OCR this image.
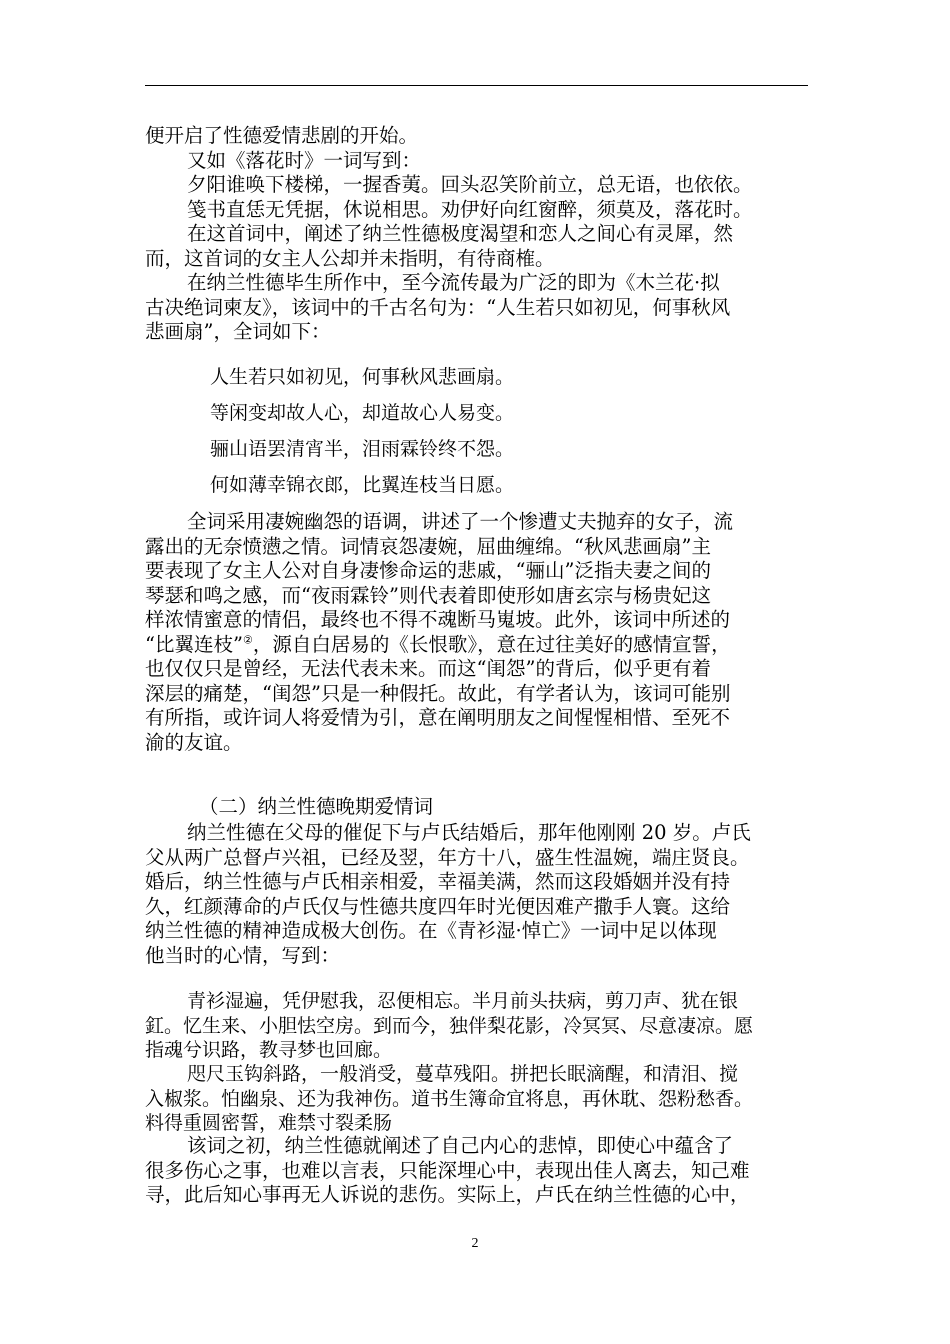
便开启了性德爱情悲剧的开始。
又如《落花时》一词写到：
夕阳谁唤下楼梯，一握香荑。回头忍笑阶前立，总无语，也依依。
笺书直恁无凭据，休说相思。劝伊好向红窗醉，须莫及，落花时。
在这首词中，阐述了纳兰性德极度渴望和恋人之间心有灵犀，然
而，这首词的女主人公却并未指明，有待商榷。
在纳兰性德毕生所作中，至今流传最为广泛的即为《木兰花·拟
古决绝词柬友》，该词中的千古名句为：“人生若只如初见，何事秋风
悲画扇”，全词如下：
人生若只如初见，何事秋风悲画扇。
等闲变却故人心，却道故心人易变。
骊山语罢清宵半，泪雨霖铃终不怨。
何如薄幸锦衣郎，比翼连枝当日愿。
全词采用凄婉幽怨的语调，讲述了一个惨遭丈夫抛弃的女子，流
露出的无奈愤懑之情。词情哀怨凄婉，屈曲缠绵。“秋风悲画扇”主
要表现了女主人公对自身凄惨命运的悲戚，“骊山”泛指夫妻之间的
琴瑟和鸣之感，而“夜雨霖铃”则代表着即使形如唐玄宗与杨贵妃这
样浓情蜜意的情侣，最终也不得不魂断马嵬坡。此外，该词中所述的
“比翼连枝”②，源自白居易的《长恨歌》，意在过往美好的感情宣誓，
也仅仅只是曾经，无法代表未来。而这“闺怨”的背后，似乎更有着
深层的痛楚，“闺怨”只是一种假托。故此，有学者认为，该词可能别
有所指，或许词人将爱情为引，意在阐明朋友之间惺惺相惜、至死不
渝的友谊。
（二）纳兰性德晚期爱情词
纳兰性德在父母的催促下与卢氏结婚后，那年他刚刚 20 岁。卢氏
父从两广总督卢兴祖，已经及翌，年方十八，盛生性温婉，端庄贤良。
婚后，纳兰性德与卢氏相亲相爱，幸福美满，然而这段婚姻并没有持
久，红颜薄命的卢氏仅与性德共度四年时光便因难产撒手人寰。这给
纳兰性德的精神造成极大创伤。在《青衫湿·悼亡》一词中足以体现
他当时的心情，写到：
青衫湿遍，凭伊慰我，忍便相忘。半月前头扶病，剪刀声、犹在银
釭。忆生来、小胆怯空房。到而今，独伴梨花影，冷冥冥、尽意凄凉。愿
指魂兮识路，教寻梦也回廊。
咫尺玉钩斜路，一般消受，蔓草残阳。拼把长眠滴醒，和清泪、搅
入椒浆。怕幽泉、还为我神伤。道书生簿命宜将息，再休耽、怨粉愁香。
料得重圆密誓，难禁寸裂柔肠
该词之初，纳兰性德就阐述了自己内心的悲悼，即使心中蕴含了
很多伤心之事，也难以言表，只能深埋心中，表现出佳人离去，知己难
寻，此后知心事再无人诉说的悲伤。实际上，卢氏在纳兰性德的心中，
2
